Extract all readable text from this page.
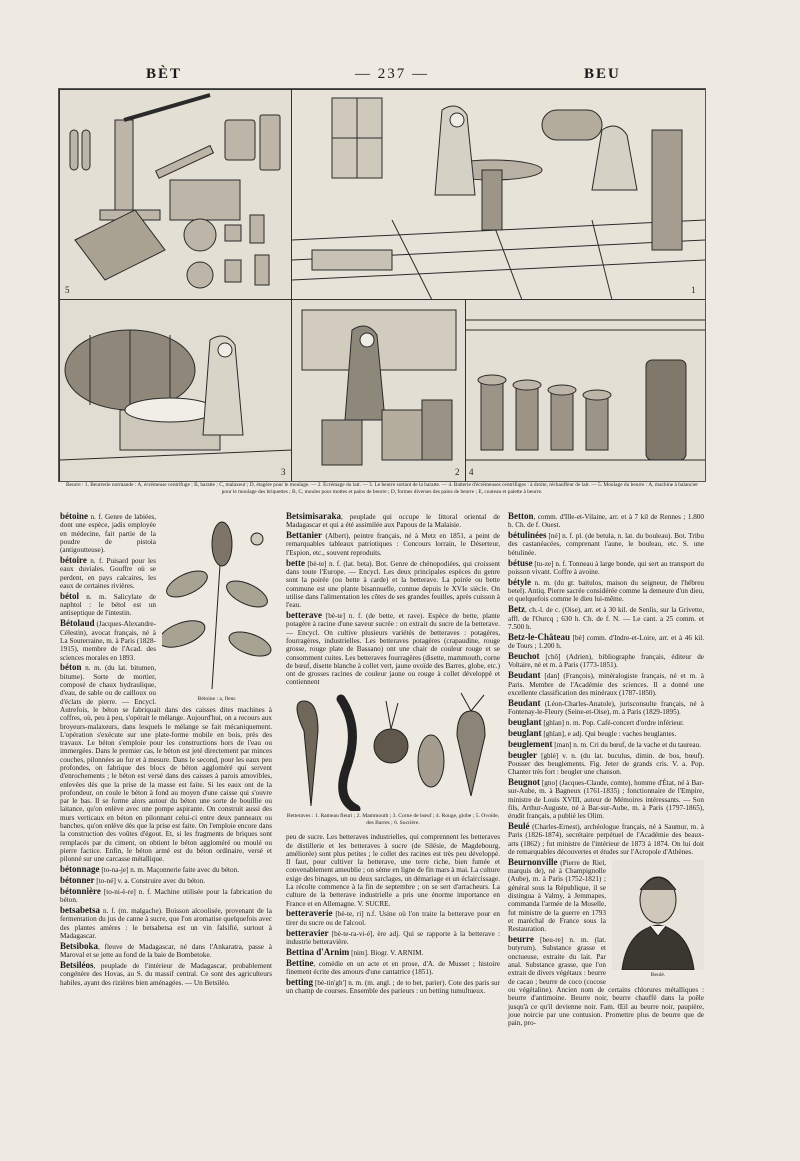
BÈT	— 237 —	BEU
5	1
3	2 4
Beurre : 1. Beurrerie normande : A, écrémeuse centrifuge ; B, baratte ; C, malaxeur ; D, étagère pour le moulage. — 2. Écrémage du lait. — 3. Le beurre sortant de la baratte. — 4. Batterie d'écrémeuses centrifuges : à droite, réchauffeur de lait. — 5. Moulage du beurre : A, machine à balancier pour le moulage des briquettes ; B, C, moules pour mottes et pains de beurre ; D, formes diverses des pains de beurre ; E, couteau et palette à beurre.
Bétoine : a, fleur.
bétoine n. f. Genre de labiées, dont une espèce, jadis employée en médecine, fait partie de la poudre de pistoia (antigoutteuse).
bétoire n. f. Puisard pour les eaux duviales. Gouffre où se perdent, en pays calcaires, les eaux de certaines rivières.
bétol n. m. Salicylate de naphtol : le bétol est un antiseptique de l'intestin.
Bétolaud (Jacques-Alexandre-Célestin), avocat français, né à La Souterraine, m. à Paris (1828-1915), membre de l'Acad. des sciences morales en 1893.
béton n. m. (du lat. bitumen, bitume). Sorte de mortier, composé de chaux hydraulique, d'eau, de sable ou de cailloux ou d'éclats de pierre. — Encycl. Autrefois, le béton se fabriquait dans des caisses dites machines à coffres, où, peu à peu, s'opérait le mélange. Aujourd'hui, on a recours aux broyeurs-malaxeurs, dans lesquels le mélange se fait mécaniquement. L'opération s'exécute sur une plate-forme mobile en bois, près des travaux. Le béton s'emploie pour les constructions hors de l'eau ou immergées. Dans le premier cas, le béton est jeté directement par minces couches, pilonnées au fur et à mesure. Dans le second, pour les eaux peu profondes, on fabrique des blocs de béton aggloméré qui servent d'enrochements ; le béton est versé dans des caisses à parois amovibles, enlevées dès que la prise de la masse est faite. Si les eaux ont de la profondeur, on coule le béton à fond au moyen d'une caisse qui s'ouvre par le bas. Il se forme alors autour du béton une sorte de bouillie ou laitance, qu'on enlève avec une pompe aspirante. On construit aussi des murs verticaux en béton en pilonnant celui-ci entre deux panneaux ou banches, qu'on enlève dès que la prise est faite. On l'emploie encore dans la construction des voûtes d'égout. Et, si les fragments de briques sont remplacés par du ciment, on obtient le béton aggloméré ou moulé ou pierre factice. Enfin, le béton armé est du béton ordinaire, versé et pilonné sur une carcasse métallique.
bétonnage [to-na-je] n. m. Maçonnerie faite avec du béton.
bétonner [to-né] v. a. Construire avec du béton.
bétonnière [to-ni-è-re] n. f. Machine utilisée pour la fabrication du béton.
betsabetsa n. f. (m. malgache). Boisson alcoolisée, provenant de la fermentation du jus de canne à sucre, que l'on aromatise quelquefois avec des plantes amères : le betsabetsa est un vin falsifié, surtout à Madagascar.
Betsiboka, fleuve de Madagascar, né dans l'Ankaratra, passe à Maroval et se jette au fond de la baie de Bombetoke.
Betsiléos, peuplade de l'intérieur de Madagascar, probablement congénère des Hovas, au S. du massif central. Ce sont des agriculteurs habiles, ayant des rizières bien aménagées. — Un Betsiléo.
Betsimisaraka, peuplade qui occupe le littoral oriental de Madagascar et qui a été assimilée aux Papous de la Malaisie.
Bettanier (Albert), peintre français, né à Metz en 1851, a peint de remarquables tableaux patriotiques : Concours lorrain, le Déserteur, l'Espion, etc., souvent reproduits.
bette [bè-te] n. f. (lat. beta). Bot. Genre de chénopodiées, qui croissent dans toute l'Europe. — Encycl. Les deux principales espèces du genre sont la poirée (ou bette à carde) et la betterave. La poirée ou bette commune est une plante bisannuelle, connue depuis le XVIe siècle. On utilise dans l'alimentation les côtes de ses grandes feuilles, après cuisson à l'eau.
betterave [bè-te] n. f. (de bette, et rave). Espèce de bette, plante potagère à racine d'une saveur sucrée : on extrait du sucre de la betterave. — Encycl. On cultive plusieurs variétés de betteraves : potagères, fourragères, industrielles. Les betteraves potagères (crapaudine, rouge grosse, rouge plate de Bassano) ont une chair de couleur rouge et se consomment cuites. Les betteraves fourragères (disette, mammouth, corne de bœuf, disette blanche à collet vert, jaune ovoïde des Barres, globe, etc.) ont de grosses racines de couleur jaune ou rouge à collet développé et contiennent
Betteraves : 1. Rameau fleuri ; 2. Mammouth ; 3. Corne de bœuf ; 4. Rouge, globe ; 5. Ovoïde, des Barres ; 6. Sucrière.
peu de sucre. Les betteraves industrielles, qui comprennent les betteraves de distillerie et les betteraves à sucre (de Silésie, de Magdebourg, améliorée) sont plus petites ; le collet des racines est très peu développé. Il faut, pour cultiver la betterave, une terre riche, bien fumée et convenablement ameublie ; on sème en ligne de fin mars à mai. La culture exige des binages, un ou deux sarclages, un démariage et un éclaircissage. La récolte commence à la fin de septembre ; on se sert d'arracheurs. La culture de la betterave industrielle a pris une énorme importance en France et en Allemagne. V. SUCRE.
betteraverie [bè-te, ri] n.f. Usine où l'on traite la betterave pour en tirer du sucre ou de l'alcool.
betteravier [bè-te-ra-vi-é], ère adj. Qui se rapporte à la betterave : industrie betteravière.
Bettina d'Arnim [nim]. Biogr. V. ARNIM.
Bettine, comédie en un acte et en prose, d'A. de Musset ; histoire finement écrite des amours d'une cantatrice (1851).
betting [bè-tin'gh'] n. m. (m. angl. ; de to bet, parier). Cote des paris sur un champ de courses. Ensemble des parieurs : un betting tumultueux.
Betton, comm. d'Ille-et-Vilaine, arr. et à 7 kil de Rennes ; 1.800 h. Ch. de f. Ouest.
bétulinées [né] n. f. pl. (de betula, n. lat. du bouleau). Bot. Tribu des castanéacées, comprenant l'aune, le bouleau, etc. S. une bétulinée.
bétuse [tu-ze] n. f. Tonneau à large bonde, qui sert au transport du poisson vivant. Coffre à avoine.
bétyle n. m. (du gr. baitulos, maison du seigneur, de l'hébreu betel). Antiq. Pierre sacrée considérée comme la demeure d'un dieu, et quelquefois comme le dieu lui-même.
Betz, ch.-l. de c. (Oise), arr. et à 30 kil. de Senlis, sur la Grivette, affl. de l'Ourcq ; 630 h. Ch. de f. N. — Le cant. a 25 comm. et 7.500 h.
Betz-le-Château [bè] comm. d'Indre-et-Loire, arr. et à 46 kil. de Tours ; 1.200 h.
Beuchot [chô] (Adrien), bibliographe français, éditeur de Voltaire, né et m. à Paris (1773-1851).
Beudant [dan] (François), minéralogiste français, né et m. à Paris. Membre de l'Académie des sciences. Il a donné une excellente classification des minéraux (1787-1850).
Beudant (Léon-Charles-Anatole), jurisconsulte français, né à Fontenay-le-Fleury (Seine-et-Oise), m. à Paris (1829-1895).
beuglant [ghlan] n. m. Pop. Café-concert d'ordre inférieur.
beuglant [ghlan], e adj. Qui beugle : vaches beuglantes.
beuglement [man] n. m. Cri du bœuf, de la vache et du taureau.
beugler [ghlé] v. n. (du lat. buculus, dimin. de bos, bœuf). Pousser des beuglements. Fig. Jeter de grands cris. V. a. Pop. Chanter très fort : beugler une chanson.
Beugnot [gno] (Jacques-Claude, comte), homme d'État, né à Bar-sur-Aube, m. à Bagneux (1761-1835) ; fonctionnaire de l'Empire, ministre de Louis XVIII, auteur de Mémoires intéressants. — Son fils, Arthur-Auguste, né à Bar-sur-Aube, m. à Paris (1797-1865), érudit français, a publié les Olim.
Beulé (Charles-Ernest), archéologue français, né à Saumur, m. à Paris (1826-1874), secrétaire perpétuel de l'Académie des beaux-arts (1862) ; fut ministre de l'intérieur de 1873 à 1874. On lui doit de remarquables découvertes et études sur l'Acropole d'Athènes.
Beulé.
Beurnonville (Pierre de Riel, marquis de), né à Champignolle (Aube), m. à Paris (1752-1821) ; général sous la République, il se distingua à Valmy, à Jemmapes, commanda l'armée de la Moselle, fut ministre de la guerre en 1793 et maréchal de France sous la Restauration.
beurre [beu-re] n. m. (lat. butyrum). Substance grasse et onctueuse, extraite du lait. Par anal. Substance grasse, que l'on extrait de divers végétaux : beurre de cacao ; beurre de coco (cocose ou végétaline). Ancien nom de certains chlorures métalliques : beurre d'antimoine. Beurre noir, beurre chauffé dans la poêle jusqu'à ce qu'il devienne noir. Fam. Œil au beurre noir, paupière, joue noircie par une contusion. Promettre plus de beurre que de pain, pro-
